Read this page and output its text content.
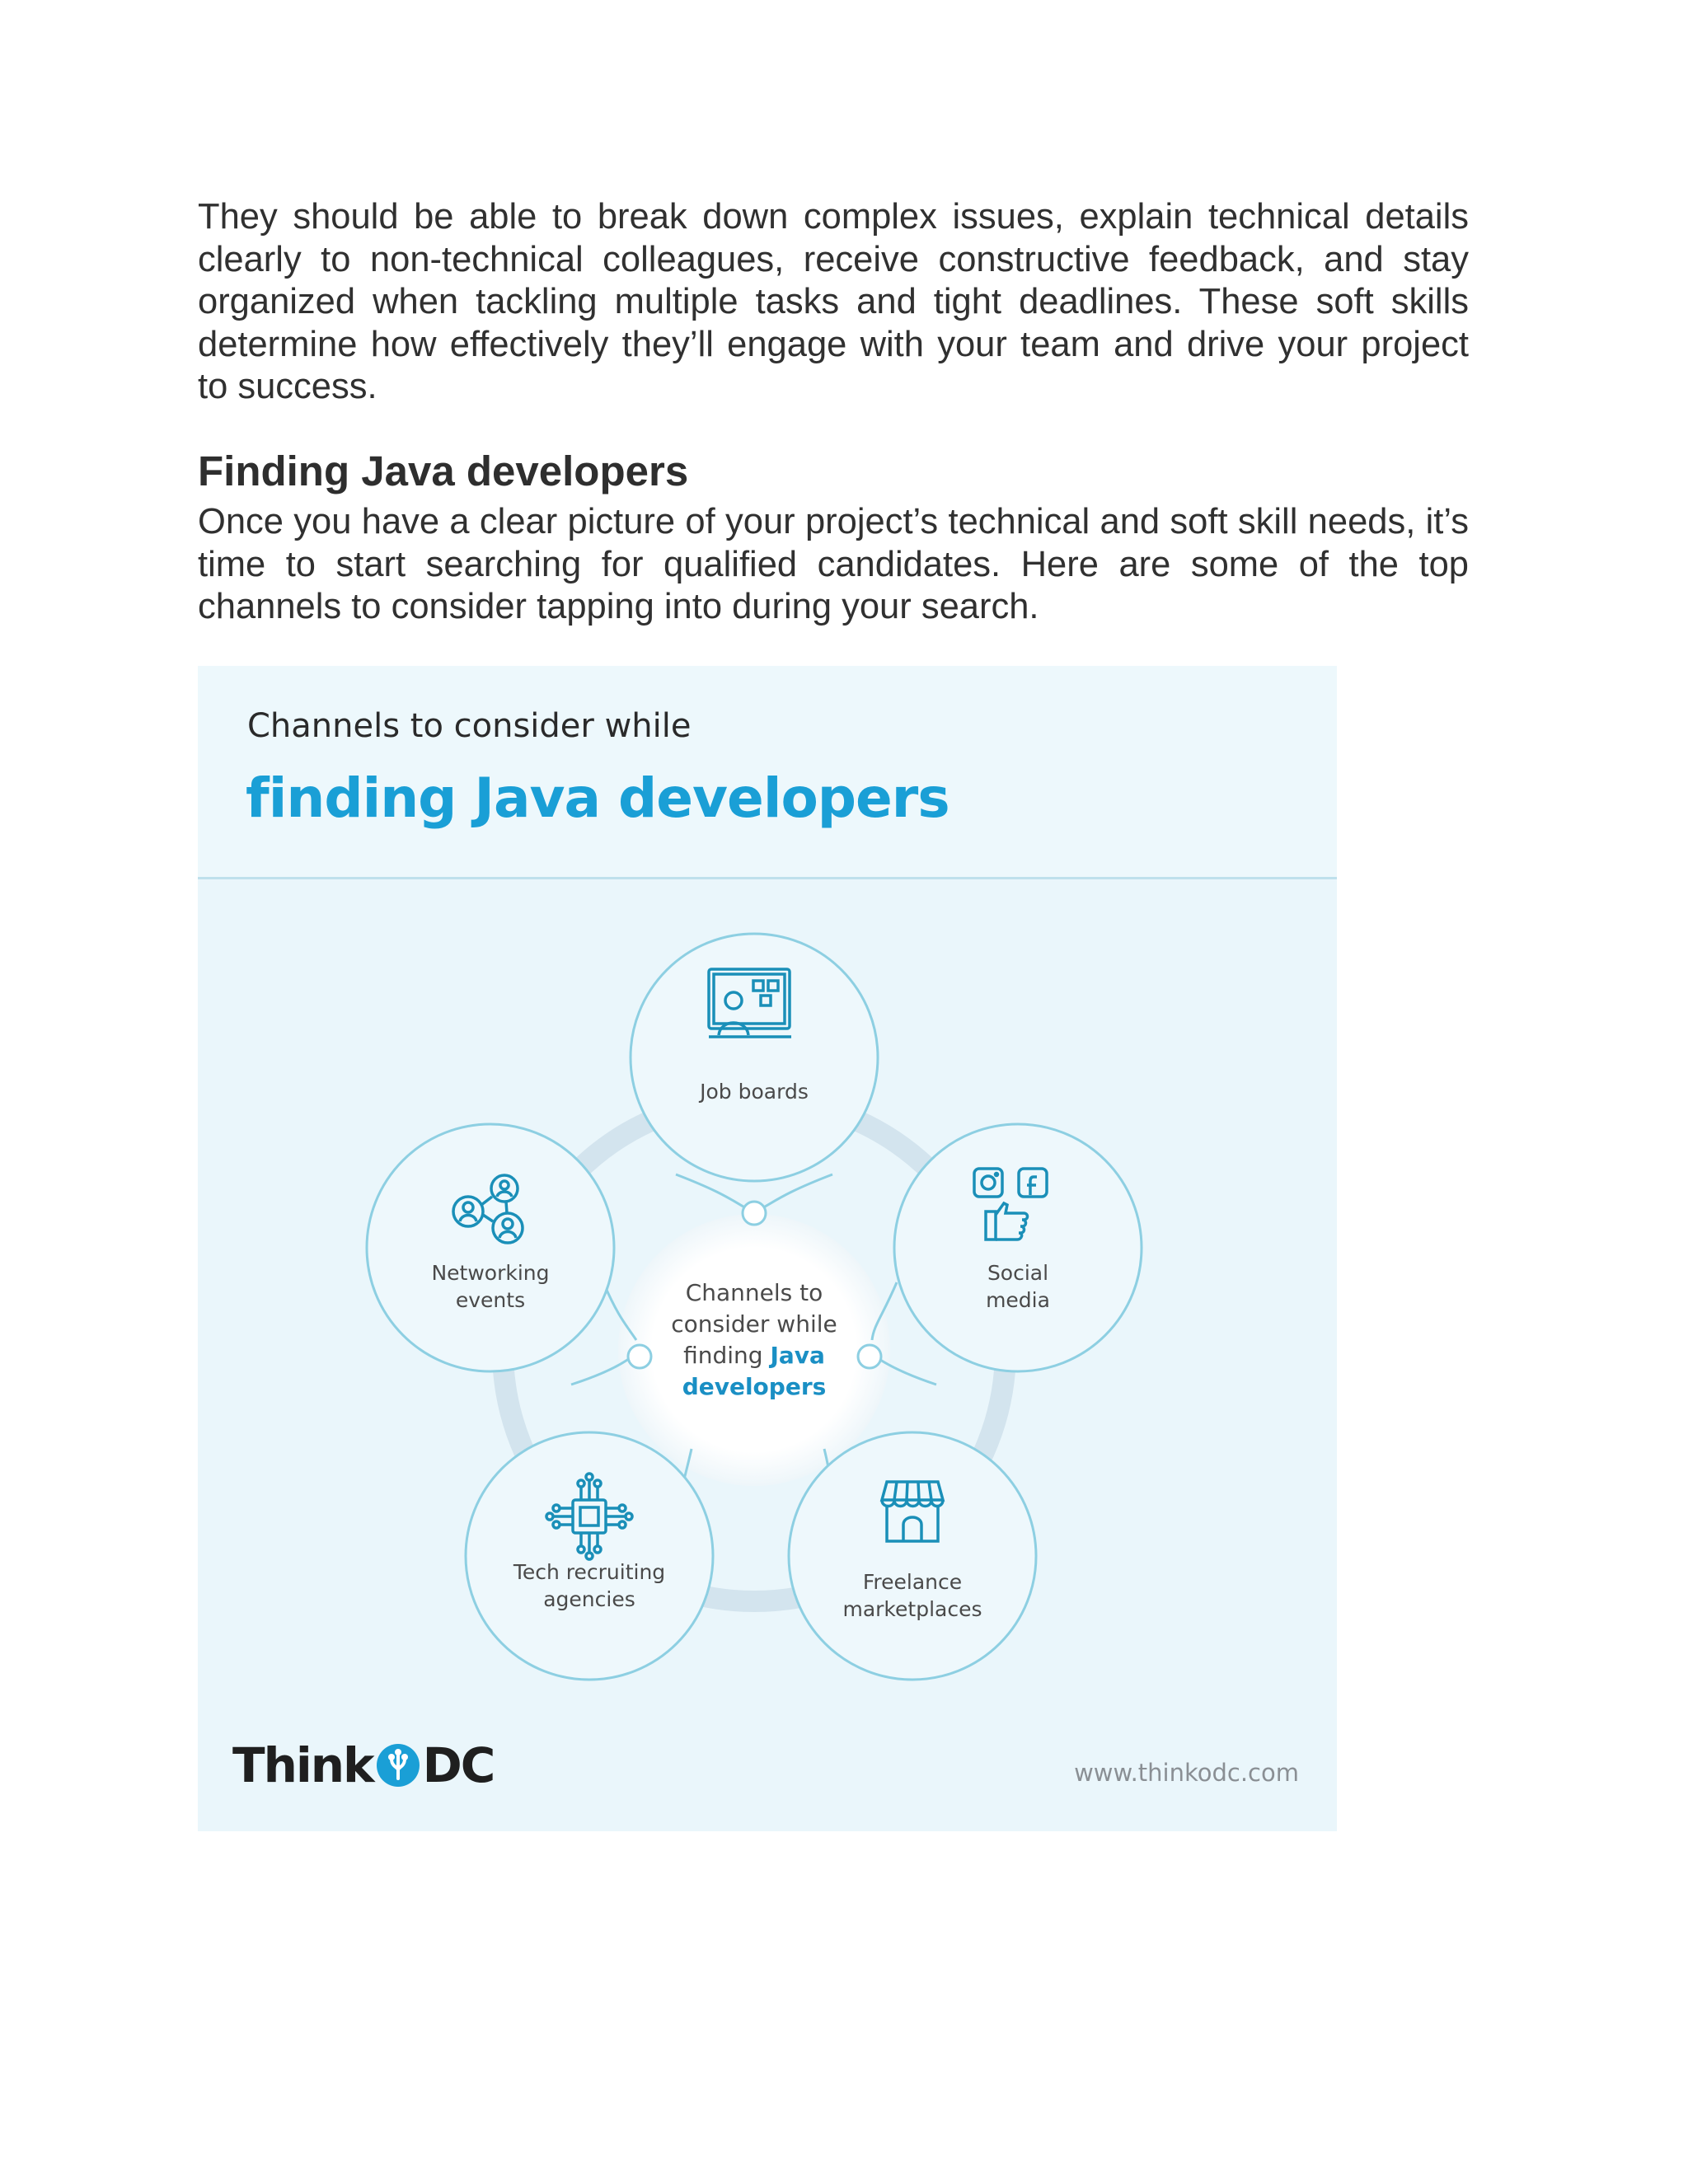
They should be able to break down complex issues, explain technical details clearly to non-technical colleagues, receive constructive feedback, and stay organized when tackling multiple tasks and tight deadlines. These soft skills determine how effectively they’ll engage with your team and drive your project to success.

Finding Java developers

Once you have a clear picture of your project’s technical and soft skill needs, it’s time to start searching for qualified candidates. Here are some of the top channels to consider tapping into during your search.

Channels to consider while
finding Java developers
Job boards
Social
media
Freelance
marketplaces
Tech recruiting
agencies
Networking
events	Channels to
consider while
finding Java
developers
Think DC	www.thinkodc.com
